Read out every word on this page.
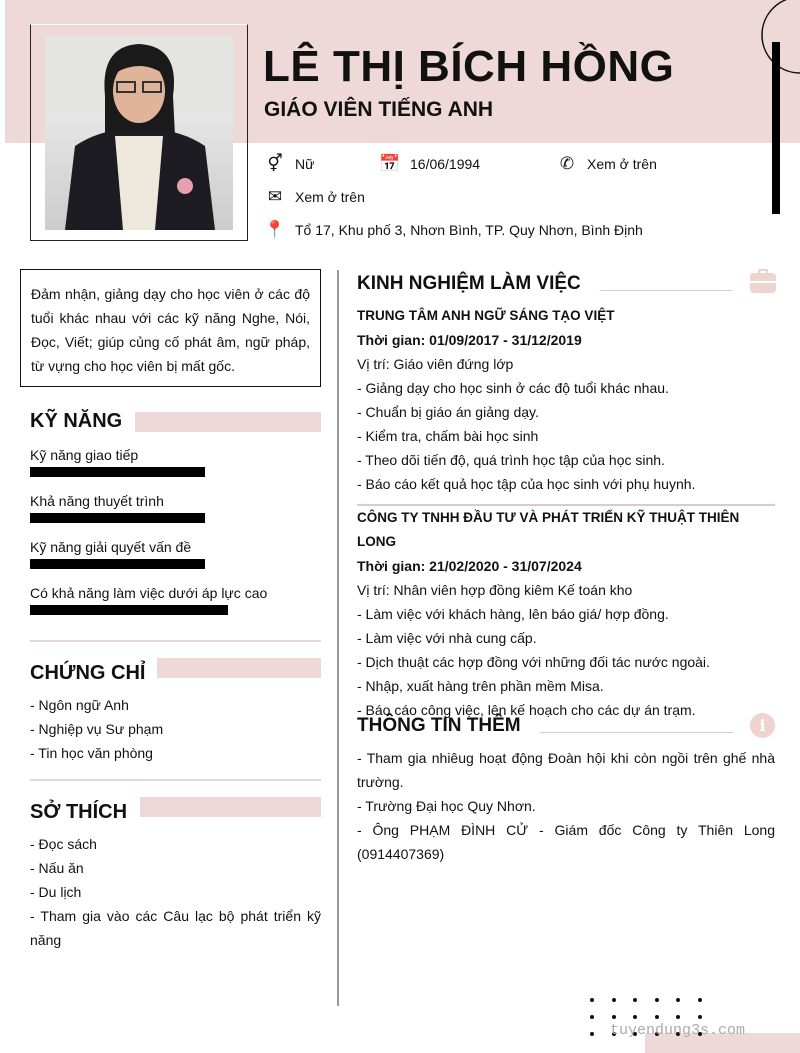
LÊ THỊ BÍCH HỒNG
GIÁO VIÊN TIẾNG ANH
⚥ Nữ	📅 16/06/1994	✆ Xem ở trên
✉ Xem ở trên
📍 Tổ 17, Khu phố 3, Nhơn Bình, TP. Quy Nhơn, Bình Định
Đảm nhận, giảng dạy cho học viên ở các độ tuổi khác nhau với các kỹ năng Nghe, Nói, Đọc, Viết; giúp củng cố phát âm, ngữ pháp, từ vựng cho học viên bị mất gốc.
KỸ NĂNG
Kỹ năng giao tiếp
Khả năng thuyết trình
Kỹ năng giải quyết vấn đề
Có khả năng làm việc dưới áp lực cao
CHỨNG CHỈ
- Ngôn ngữ Anh
- Nghiệp vụ Sư phạm
- Tin học văn phòng
SỞ THÍCH
- Đọc sách
- Nấu ăn
- Du lịch
- Tham gia vào các Câu lạc bộ phát triển kỹ năng
KINH NGHIỆM LÀM VIỆC
TRUNG TÂM ANH NGỮ SÁNG TẠO VIỆT
Thời gian: 01/09/2017 - 31/12/2019
Vị trí: Giáo viên đứng lớp
- Giảng dạy cho học sinh ở các độ tuổi khác nhau.
- Chuẩn bị giáo án giảng dạy.
- Kiểm tra, chấm bài học sinh
- Theo dõi tiến độ, quá trình học tập của học sinh.
- Báo cáo kết quả học tập của học sinh với phụ huynh.
CÔNG TY TNHH ĐẦU TƯ VÀ PHÁT TRIỂN KỸ THUẬT THIÊN LONG
Thời gian: 21/02/2020 - 31/07/2024
Vị trí: Nhân viên hợp đồng kiêm Kế toán kho
- Làm việc với khách hàng, lên báo giá/ hợp đồng.
- Làm việc với nhà cung cấp.
- Dịch thuật các hợp đồng với những đối tác nước ngoài.
- Nhập, xuất hàng trên phần mềm Misa.
- Báo cáo công việc, lên kế hoạch cho các dự án trạm.
THÔNG TIN THÊM	i
- Tham gia nhiêug hoạt động Đoàn hội khi còn ngồi trên ghế nhà trường.
- Trường Đại học Quy Nhơn.
- Ông PHẠM ĐÌNH CỬ - Giám đốc Công ty Thiên Long (0914407369)
tuyendung3s.com
